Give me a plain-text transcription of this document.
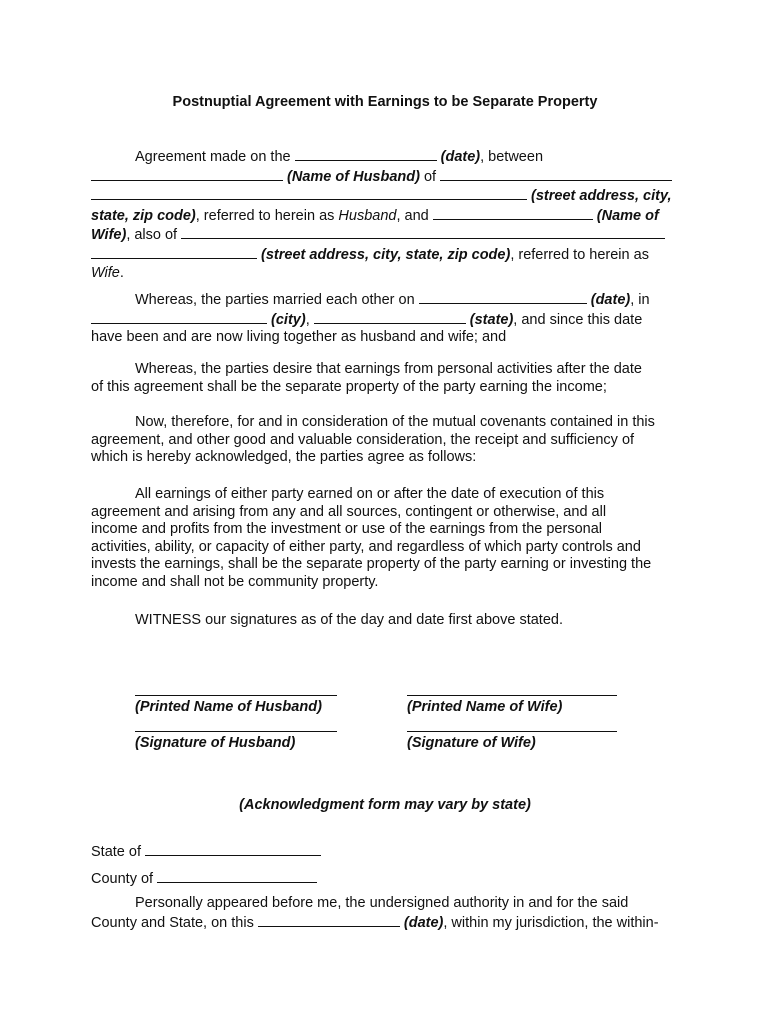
Postnuptial Agreement with Earnings to be Separate Property

Agreement made on the	(date), between

(Name of Husband) of

(street address, city,

state, zip code), referred to herein as Husband, and	(Name of

Wife), also of

(street address, city, state, zip code), referred to herein as

Wife.

Whereas, the parties married each other on	(date), in

(city),	(state), and since this date

have been and are now living together as husband and wife; and

Whereas, the parties desire that earnings from personal activities after the date

of this agreement shall be the separate property of the party earning the income;

Now, therefore, for and in consideration of the mutual covenants contained in this

agreement, and other good and valuable consideration, the receipt and sufficiency of

which is hereby acknowledged, the parties agree as follows:

All earnings of either party earned on or after the date of execution of this

agreement and arising from any and all sources, contingent or otherwise, and all

income and profits from the investment or use of the earnings from the personal

activities, ability, or capacity of either party, and regardless of which party controls and

invests the earnings, shall be the separate property of the party earning or investing the

income and shall not be community property.

WITNESS our signatures as of the day and date first above stated.

(Printed Name of Husband)	(Printed Name of Wife)
(Signature of Husband)	(Signature of Wife)
(Acknowledgment form may vary by state)
State of
County of

Personally appeared before me, the undersigned authority in and for the said

County and State, on this	(date), within my jurisdiction, the within-
